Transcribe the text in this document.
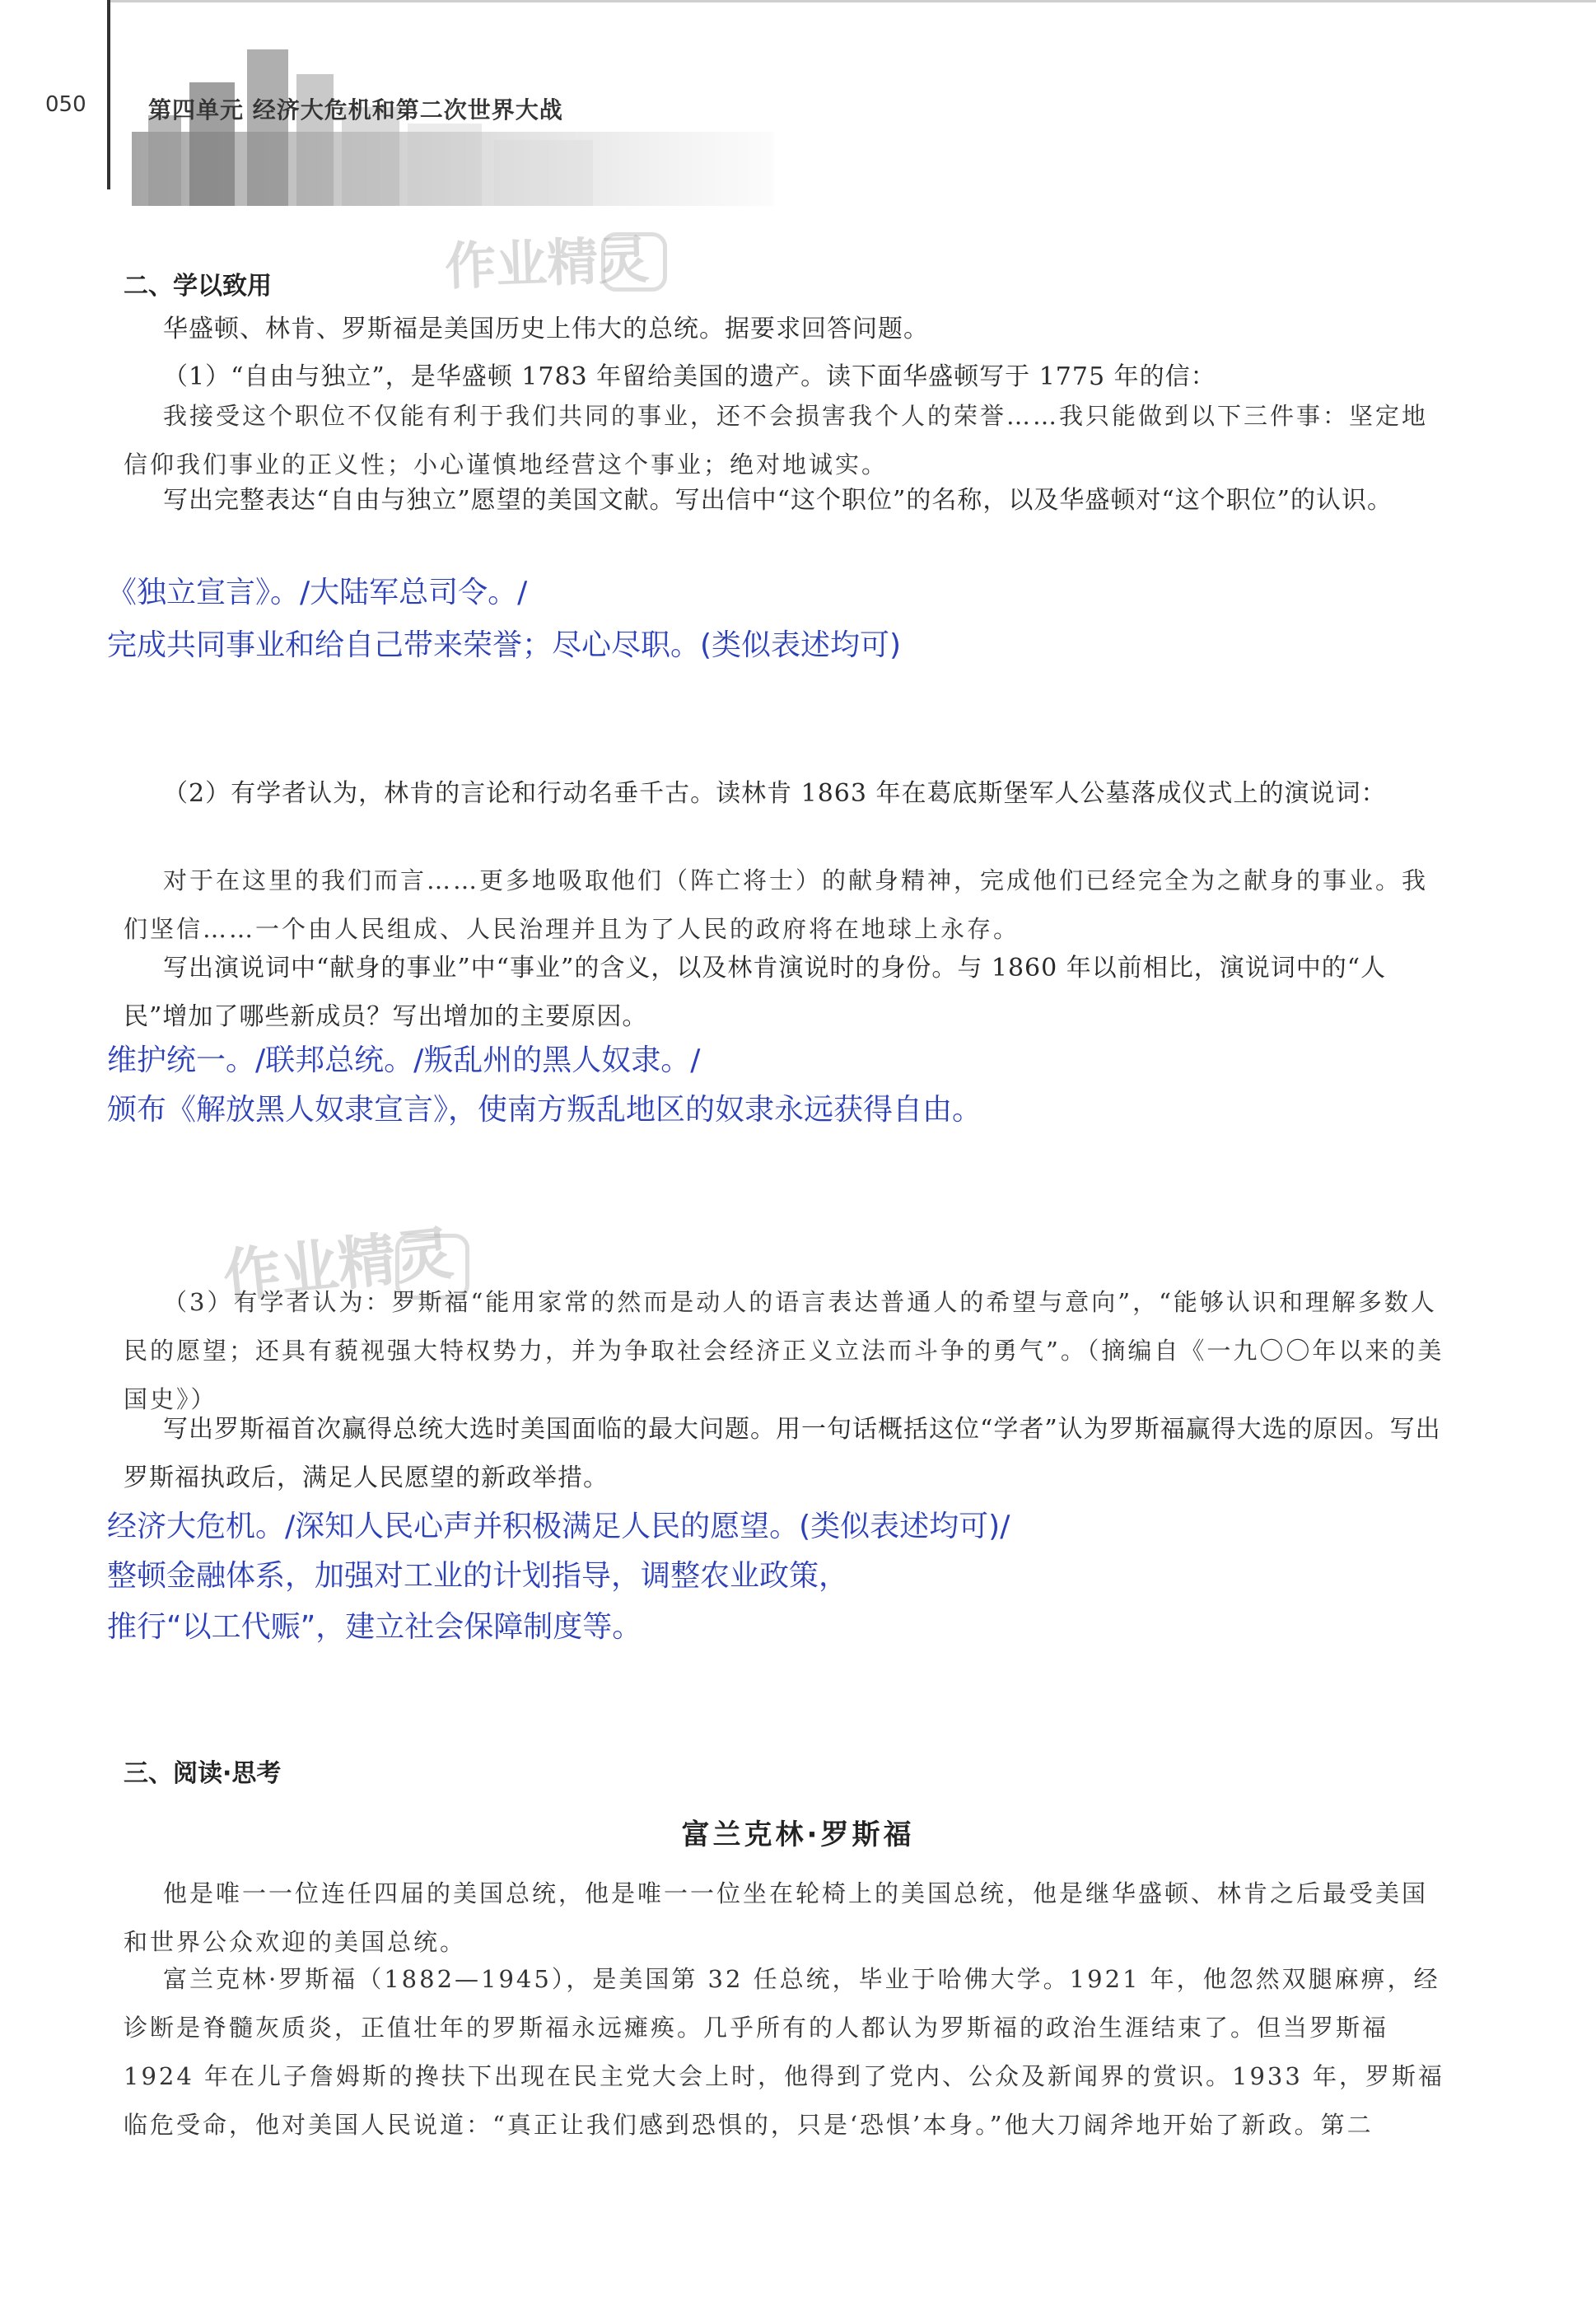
050	第四单元 经济大危机和第二次世界大战
作业精灵
作业精灵
二、学以致用
华盛顿、林肯、罗斯福是美国历史上伟大的总统。据要求回答问题。
（1）“自由与独立”，是华盛顿 1783 年留给美国的遗产。读下面华盛顿写于 1775 年的信：
我接受这个职位不仅能有利于我们共同的事业，还不会损害我个人的荣誉……我只能做到以下三件事：坚定地信仰我们事业的正义性；小心谨慎地经营这个事业；绝对地诚实。
写出完整表达“自由与独立”愿望的美国文献。写出信中“这个职位”的名称，以及华盛顿对“这个职位”的认识。
《独立宣言》。/大陆军总司令。/
完成共同事业和给自己带来荣誉；尽心尽职。(类似表述均可)
（2）有学者认为，林肯的言论和行动名垂千古。读林肯 1863 年在葛底斯堡军人公墓落成仪式上的演说词：
对于在这里的我们而言……更多地吸取他们（阵亡将士）的献身精神，完成他们已经完全为之献身的事业。我们坚信……一个由人民组成、人民治理并且为了人民的政府将在地球上永存。
写出演说词中“献身的事业”中“事业”的含义，以及林肯演说时的身份。与 1860 年以前相比，演说词中的“人民”增加了哪些新成员？写出增加的主要原因。
维护统一。/联邦总统。/叛乱州的黑人奴隶。/
颁布《解放黑人奴隶宣言》，使南方叛乱地区的奴隶永远获得自由。
（3）有学者认为：罗斯福“能用家常的然而是动人的语言表达普通人的希望与意向”，“能够认识和理解多数人民的愿望；还具有藐视强大特权势力，并为争取社会经济正义立法而斗争的勇气”。（摘编自《一九〇〇年以来的美国史》）
写出罗斯福首次赢得总统大选时美国面临的最大问题。用一句话概括这位“学者”认为罗斯福赢得大选的原因。写出罗斯福执政后，满足人民愿望的新政举措。
经济大危机。/深知人民心声并积极满足人民的愿望。(类似表述均可)/
整顿金融体系，加强对工业的计划指导，调整农业政策，
推行“以工代赈”，建立社会保障制度等。
三、阅读·思考
富兰克林·罗斯福
他是唯一一位连任四届的美国总统，他是唯一一位坐在轮椅上的美国总统，他是继华盛顿、林肯之后最受美国和世界公众欢迎的美国总统。
富兰克林·罗斯福（1882—1945），是美国第 32 任总统，毕业于哈佛大学。1921 年，他忽然双腿麻痹，经诊断是脊髓灰质炎，正值壮年的罗斯福永远瘫痪。几乎所有的人都认为罗斯福的政治生涯结束了。但当罗斯福 1924 年在儿子詹姆斯的搀扶下出现在民主党大会上时，他得到了党内、公众及新闻界的赏识。1933 年，罗斯福临危受命，他对美国人民说道：“真正让我们感到恐惧的，只是‘恐惧’本身。”他大刀阔斧地开始了新政。第二
